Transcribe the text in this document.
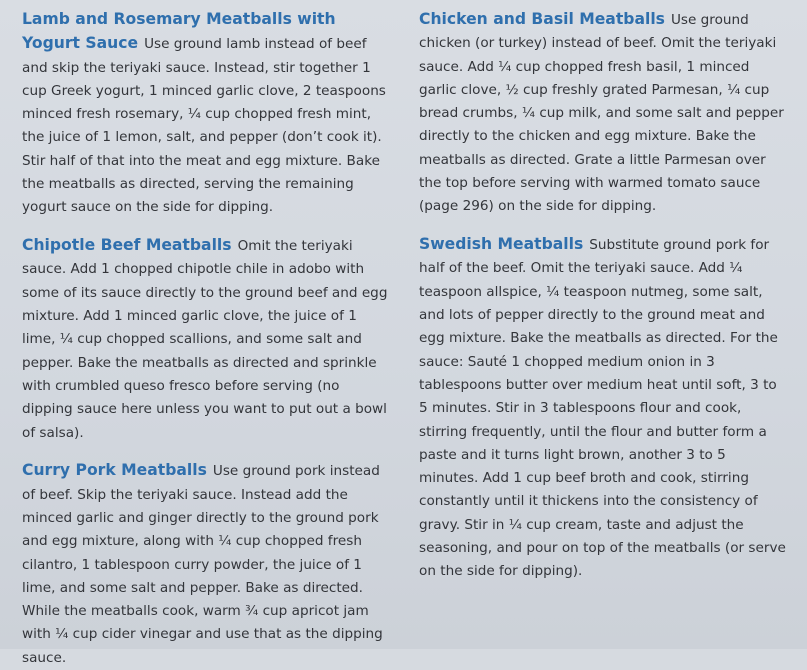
Lamb and Rosemary Meatballs with Yogurt Sauce Use ground lamb instead of beef and skip the teriyaki sauce. Instead, stir together 1 cup Greek yogurt, 1 minced garlic clove, 2 teaspoons minced fresh rosemary, ¼ cup chopped fresh mint, the juice of 1 lemon, salt, and pepper (don’t cook it). Stir half of that into the meat and egg mixture. Bake the meatballs as directed, serving the remaining yogurt sauce on the side for dipping.

Chipotle Beef Meatballs Omit the teriyaki sauce. Add 1 chopped chipotle chile in adobo with some of its sauce directly to the ground beef and egg mixture. Add 1 minced garlic clove, the juice of 1 lime, ¼ cup chopped scallions, and some salt and pepper. Bake the meatballs as directed and sprinkle with crumbled queso fresco before serving (no dipping sauce here unless you want to put out a bowl of salsa).

Curry Pork Meatballs Use ground pork instead of beef. Skip the teriyaki sauce. Instead add the minced garlic and ginger directly to the ground pork and egg mixture, along with ¼ cup chopped fresh cilantro, 1 tablespoon curry powder, the juice of 1 lime, and some salt and pepper. Bake as directed. While the meatballs cook, warm ¾ cup apricot jam with ¼ cup cider vinegar and use that as the dipping sauce.

Chicken and Basil Meatballs Use ground chicken (or turkey) instead of beef. Omit the teriyaki sauce. Add ¼ cup chopped fresh basil, 1 minced garlic clove, ½ cup freshly grated Parmesan, ¼ cup bread crumbs, ¼ cup milk, and some salt and pepper directly to the chicken and egg mixture. Bake the meatballs as directed. Grate a little Parmesan over the top before serving with warmed tomato sauce (page 296) on the side for dipping.

Swedish Meatballs Substitute ground pork for half of the beef. Omit the teriyaki sauce. Add ¼ teaspoon allspice, ¼ teaspoon nutmeg, some salt, and lots of pepper directly to the ground meat and egg mixture. Bake the meatballs as directed. For the sauce: Sauté 1 chopped medium onion in 3 tablespoons butter over medium heat until soft, 3 to 5 minutes. Stir in 3 tablespoons flour and cook, stirring frequently, until the flour and butter form a paste and it turns light brown, another 3 to 5 minutes. Add 1 cup beef broth and cook, stirring constantly until it thickens into the consistency of gravy. Stir in ¼ cup cream, taste and adjust the seasoning, and pour on top of the meatballs (or serve on the side for dipping).
